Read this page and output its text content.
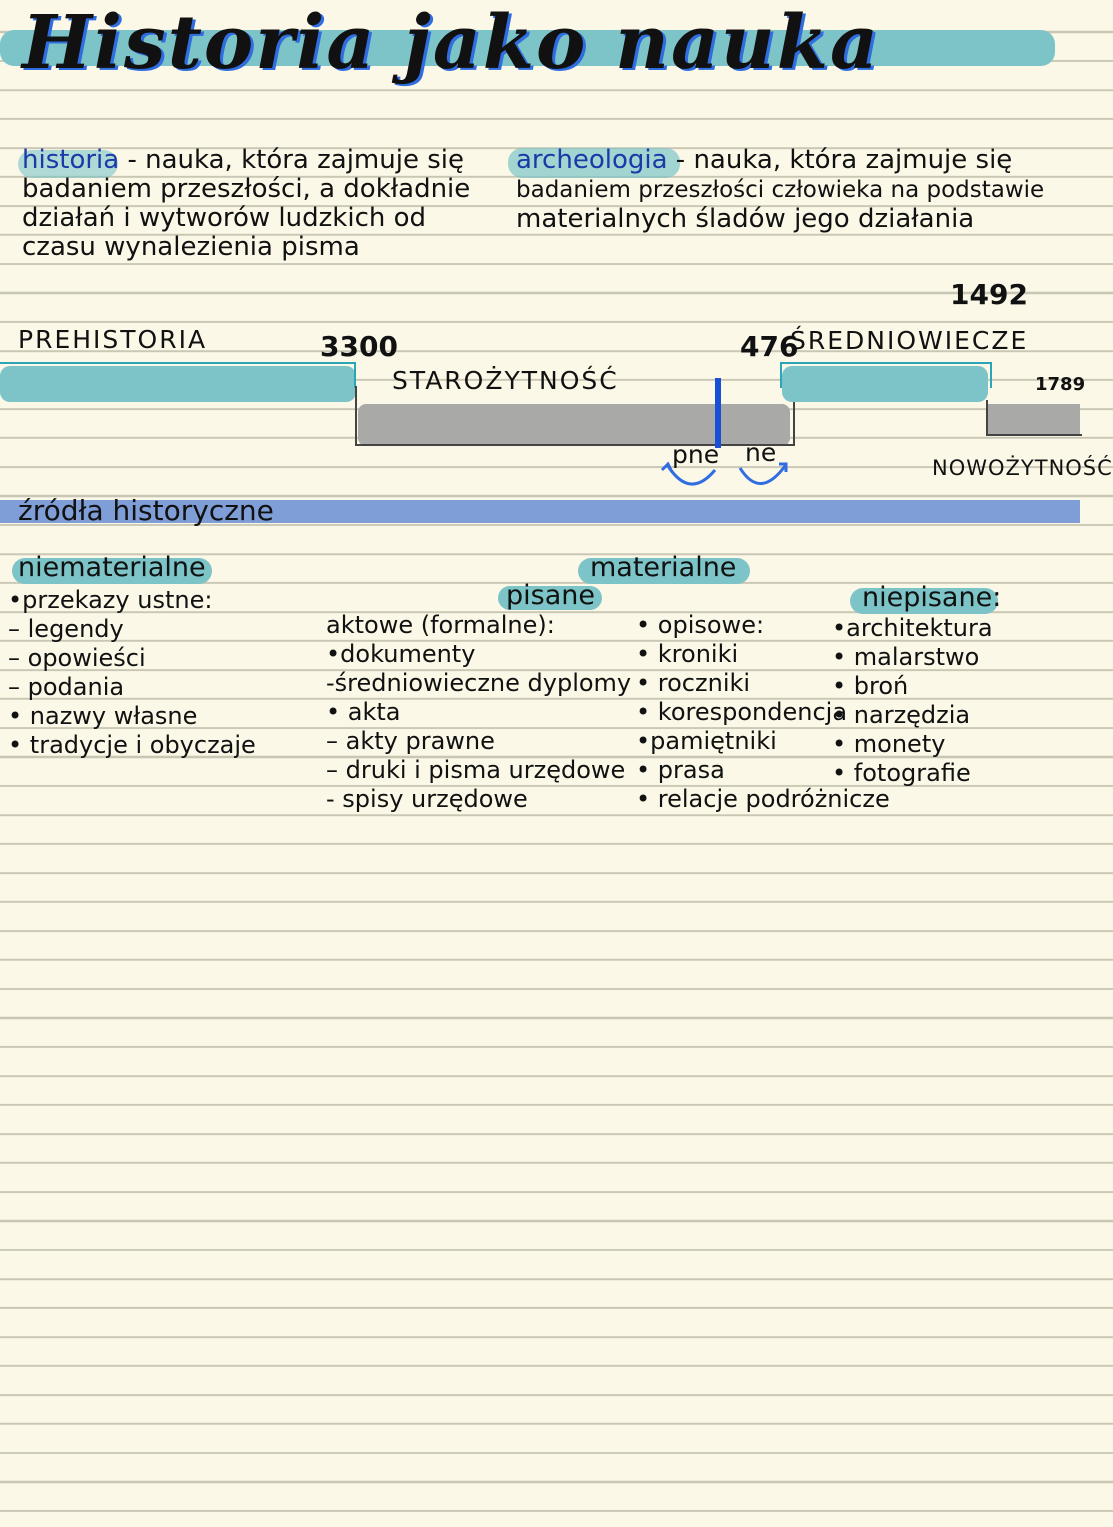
Historia jako nauka
historia - nauka, która zajmuje się
badaniem przeszłości, a dokładnie
działań i wytworów ludzkich od
czasu wynalezienia pisma
archeologia - nauka, która zajmuje się
badaniem przeszłości człowieka na podstawie
materialnych śladów jego działania
1492
PREHISTORIA	3300	476
ŚREDNIOWIECZE
STAROŻYTNOŚĆ	1789
pne ne
NOWOŻYTNOŚĆ
źródła historyczne
niematerialne	materialne
pisane	niepisane:
•przekazy ustne:
– legendy
– opowieści
– podania
• nazwy własne
• tradycje i obyczaje
aktowe (formalne):
•dokumenty
-średniowieczne dyplomy
• akta
– akty prawne
– druki i pisma urzędowe
- spisy urzędowe
• opisowe:
• kroniki
• roczniki
• korespondencja
•pamiętniki
• prasa
• relacje podróżnicze
•architektura
• malarstwo
• broń
• narzędzia
• monety
• fotografie
